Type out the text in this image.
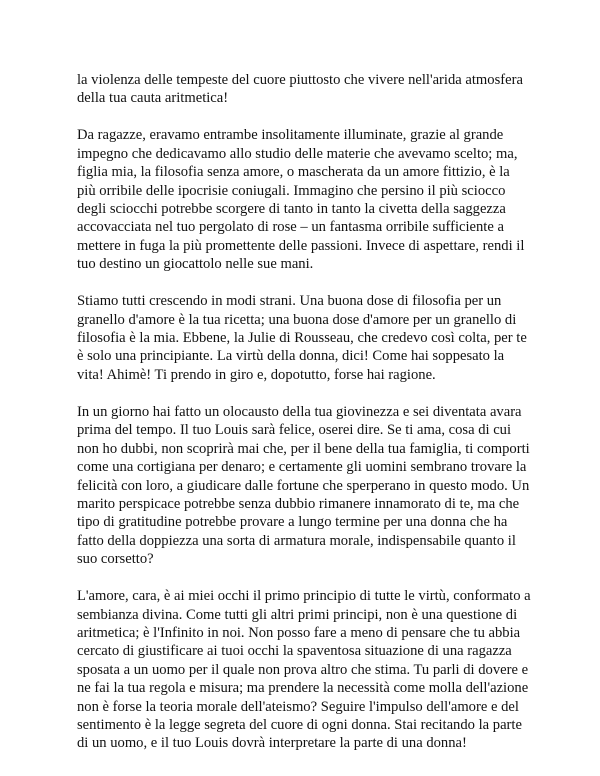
la violenza delle tempeste del cuore piuttosto che vivere nell'arida atmosfera della tua cauta aritmetica!

Da ragazze, eravamo entrambe insolitamente illuminate, grazie al grande impegno che dedicavamo allo studio delle materie che avevamo scelto; ma, figlia mia, la filosofia senza amore, o mascherata da un amore fittizio, è la più orribile delle ipocrisie coniugali. Immagino che persino il più sciocco degli sciocchi potrebbe scorgere di tanto in tanto la civetta della saggezza accovacciata nel tuo pergolato di rose – un fantasma orribile sufficiente a mettere in fuga la più promettente delle passioni. Invece di aspettare, rendi il tuo destino un giocattolo nelle sue mani.

Stiamo tutti crescendo in modi strani. Una buona dose di filosofia per un granello d'amore è la tua ricetta; una buona dose d'amore per un granello di filosofia è la mia. Ebbene, la Julie di Rousseau, che credevo così colta, per te è solo una principiante. La virtù della donna, dici! Come hai soppesato la vita! Ahimè! Ti prendo in giro e, dopotutto, forse hai ragione.

In un giorno hai fatto un olocausto della tua giovinezza e sei diventata avara prima del tempo. Il tuo Louis sarà felice, oserei dire. Se ti ama, cosa di cui non ho dubbi, non scoprirà mai che, per il bene della tua famiglia, ti comporti come una cortigiana per denaro; e certamente gli uomini sembrano trovare la felicità con loro, a giudicare dalle fortune che sperperano in questo modo. Un marito perspicace potrebbe senza dubbio rimanere innamorato di te, ma che tipo di gratitudine potrebbe provare a lungo termine per una donna che ha fatto della doppiezza una sorta di armatura morale, indispensabile quanto il suo corsetto?

L'amore, cara, è ai miei occhi il primo principio di tutte le virtù, conformato a sembianza divina. Come tutti gli altri primi principi, non è una questione di aritmetica; è l'Infinito in noi. Non posso fare a meno di pensare che tu abbia cercato di giustificare ai tuoi occhi la spaventosa situazione di una ragazza sposata a un uomo per il quale non prova altro che stima. Tu parli di dovere e ne fai la tua regola e misura; ma prendere la necessità come molla dell'azione non è forse la teoria morale dell'ateismo? Seguire l'impulso dell'amore e del sentimento è la legge segreta del cuore di ogni donna. Stai recitando la parte di un uomo, e il tuo Louis dovrà interpretare la parte di una donna!
